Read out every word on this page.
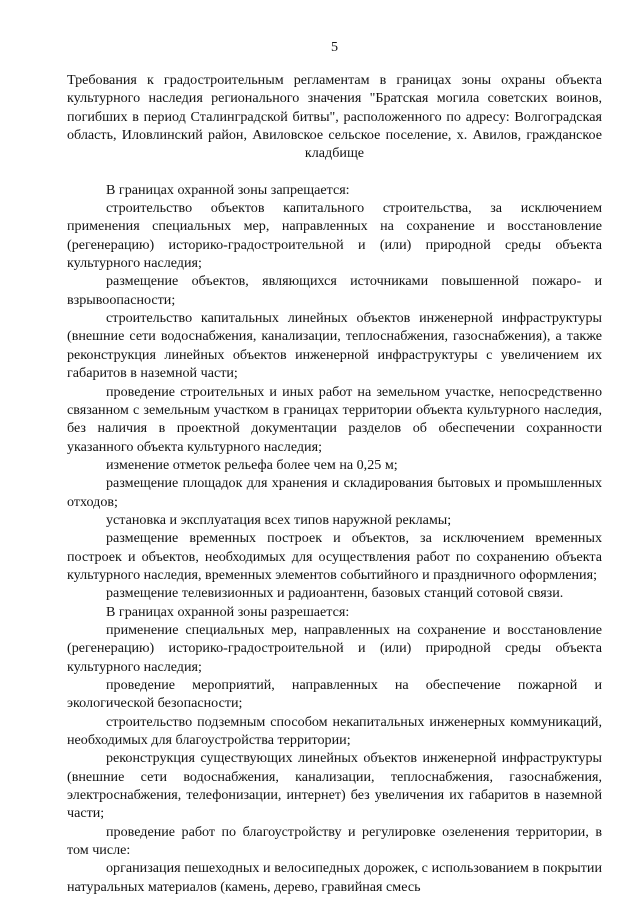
5

Требования к градостроительным регламентам в границах зоны охраны объекта культурного наследия регионального значения "Братская могила советских воинов, погибших в период Сталинградской битвы", расположенного по адресу: Волгоградская область, Иловлинский район, Авиловское сельское поселение, х. Авилов, гражданское кладбище

В границах охранной зоны запрещается:

строительство объектов капитального строительства, за исключением применения специальных мер, направленных на сохранение и восстановление (регенерацию) историко-градостроительной и (или) природной среды объекта культурного наследия;

размещение объектов, являющихся источниками повышенной пожаро- и взрывоопасности;

строительство капитальных линейных объектов инженерной инфраструктуры (внешние сети водоснабжения, канализации, теплоснабжения, газоснабжения), а также реконструкция линейных объектов инженерной инфраструктуры с увеличением их габаритов в наземной части;

проведение строительных и иных работ на земельном участке, непосредственно связанном с земельным участком в границах территории объекта культурного наследия, без наличия в проектной документации разделов об обеспечении сохранности указанного объекта культурного наследия;

изменение отметок рельефа более чем на 0,25 м;

размещение площадок для хранения и складирования бытовых и промышленных отходов;

установка и эксплуатация всех типов наружной рекламы;

размещение временных построек и объектов, за исключением временных построек и объектов, необходимых для осуществления работ по сохранению объекта культурного наследия, временных элементов событийного и праздничного оформления;

размещение телевизионных и радиоантенн, базовых станций сотовой связи.

В границах охранной зоны разрешается:

применение специальных мер, направленных на сохранение и восстановление (регенерацию) историко-градостроительной и (или) природной среды объекта культурного наследия;

проведение мероприятий, направленных на обеспечение пожарной и экологической безопасности;

строительство подземным способом некапитальных инженерных коммуникаций, необходимых для благоустройства территории;

реконструкция существующих линейных объектов инженерной инфраструктуры (внешние сети водоснабжения, канализации, теплоснабжения, газоснабжения, электроснабжения, телефонизации, интернет) без увеличения их габаритов в наземной части;

проведение работ по благоустройству и регулировке озеленения территории, в том числе:

организация пешеходных и велосипедных дорожек, с использованием в покрытии натуральных материалов (камень, дерево, гравийная смесь
